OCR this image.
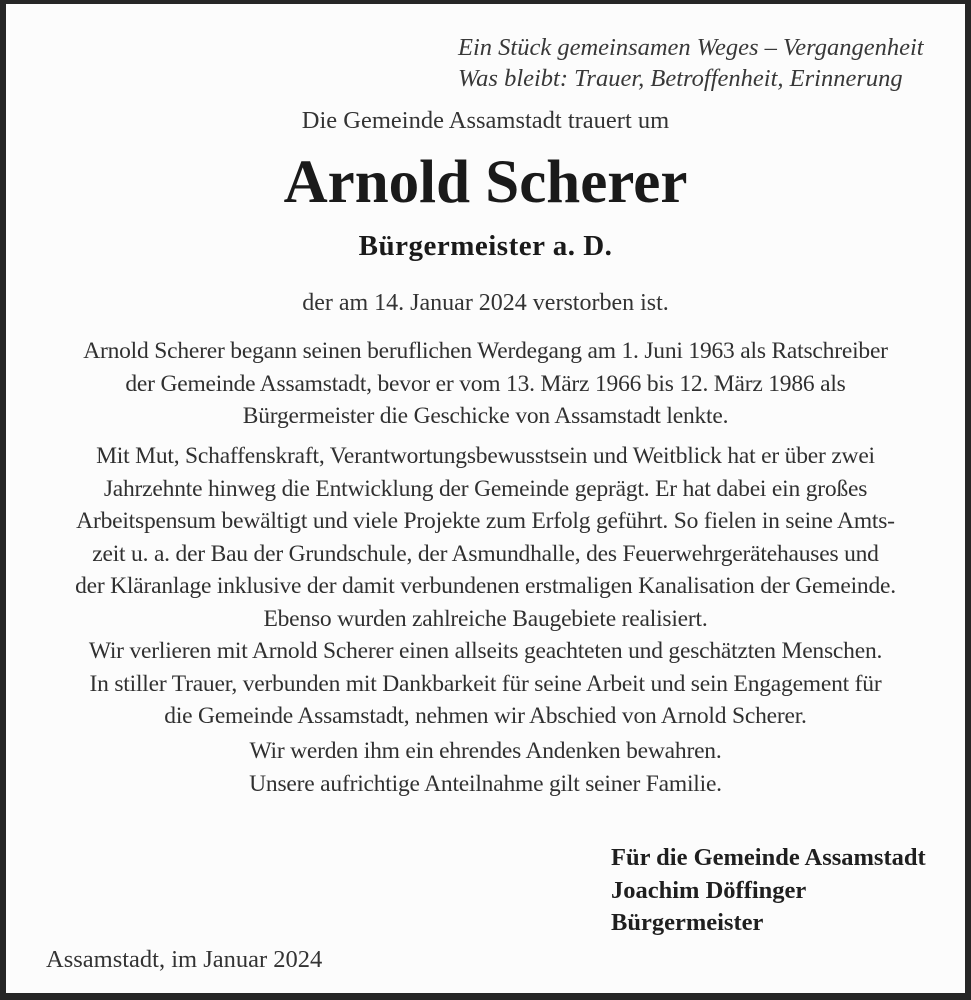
Ein Stück gemeinsamen Weges – Vergangenheit
Was bleibt: Trauer, Betroffenheit, Erinnerung
Die Gemeinde Assamstadt trauert um
Arnold Scherer
Bürgermeister a. D.
der am 14. Januar 2024 verstorben ist.
Arnold Scherer begann seinen beruflichen Werdegang am 1. Juni 1963 als Ratschreiber
der Gemeinde Assamstadt, bevor er vom 13. März 1966 bis 12. März 1986 als
Bürgermeister die Geschicke von Assamstadt lenkte.
Mit Mut, Schaffenskraft, Verantwortungsbewusstsein und Weitblick hat er über zwei
Jahrzehnte hinweg die Entwicklung der Gemeinde geprägt. Er hat dabei ein großes
Arbeitspensum bewältigt und viele Projekte zum Erfolg geführt. So fielen in seine Amts-
zeit u. a. der Bau der Grundschule, der Asmundhalle, des Feuerwehrgerätehauses und
der Kläranlage inklusive der damit verbundenen erstmaligen Kanalisation der Gemeinde.
Ebenso wurden zahlreiche Baugebiete realisiert.
Wir verlieren mit Arnold Scherer einen allseits geachteten und geschätzten Menschen.
In stiller Trauer, verbunden mit Dankbarkeit für seine Arbeit und sein Engagement für
die Gemeinde Assamstadt, nehmen wir Abschied von Arnold Scherer.
Wir werden ihm ein ehrendes Andenken bewahren.
Unsere aufrichtige Anteilnahme gilt seiner Familie.
Für die Gemeinde Assamstadt
Joachim Döffinger
Bürgermeister
Assamstadt, im Januar 2024
